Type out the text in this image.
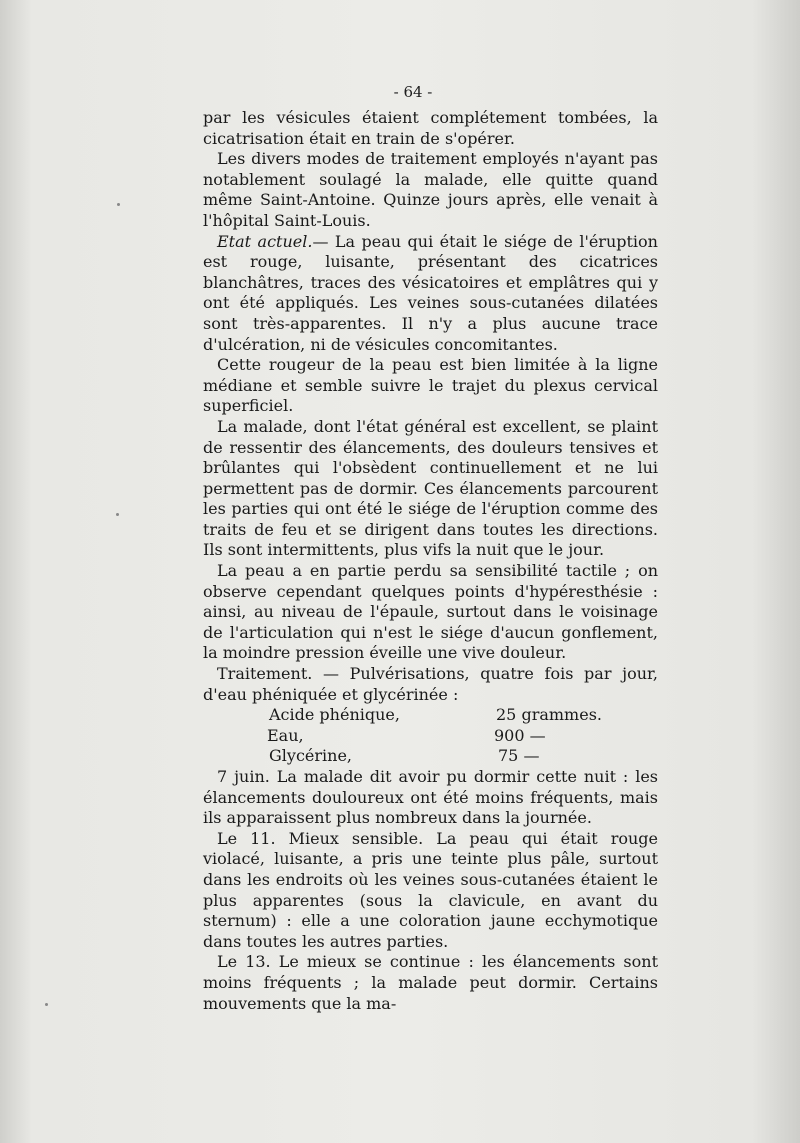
- 64 -

par les vésicules étaient complétement tombées, la cicatrisation était en train de s'opérer.

Les divers modes de traitement employés n'ayant pas notablement soulagé la malade, elle quitte quand même Saint-Antoine. Quinze jours après, elle venait à l'hôpital Saint-Louis.

Etat actuel.— La peau qui était le siége de l'éruption est rouge, luisante, présentant des cicatrices blanchâtres, traces des vésicatoires et emplâtres qui y ont été appliqués. Les veines sous-cutanées dilatées sont très-apparentes. Il n'y a plus aucune trace d'ulcération, ni de vésicules concomitantes.

Cette rougeur de la peau est bien limitée à la ligne médiane et semble suivre le trajet du plexus cervical superficiel.

La malade, dont l'état général est excellent, se plaint de ressentir des élancements, des douleurs tensives et brûlantes qui l'obsèdent continuellement et ne lui permettent pas de dormir. Ces élancements parcourent les parties qui ont été le siége de l'éruption comme des traits de feu et se dirigent dans toutes les directions. Ils sont intermittents, plus vifs la nuit que le jour.

La peau a en partie perdu sa sensibilité tactile ; on observe cependant quelques points d'hypéresthésie : ainsi, au niveau de l'épaule, surtout dans le voisinage de l'articulation qui n'est le siége d'aucun gonflement, la moindre pression éveille une vive douleur.

Traitement. — Pulvérisations, quatre fois par jour, d'eau phéniquée et glycérinée :

Acide phénique,	25 grammes.
Eau,	900 —
Glycérine,	75 —

7 juin. La malade dit avoir pu dormir cette nuit : les élancements douloureux ont été moins fréquents, mais ils apparaissent plus nombreux dans la journée.

Le 11. Mieux sensible. La peau qui était rouge violacé, luisante, a pris une teinte plus pâle, surtout dans les endroits où les veines sous-cutanées étaient le plus apparentes (sous la clavicule, en avant du sternum) : elle a une coloration jaune ecchymotique dans toutes les autres parties.

Le 13. Le mieux se continue : les élancements sont moins fréquents ; la malade peut dormir. Certains mouvements que la ma-
